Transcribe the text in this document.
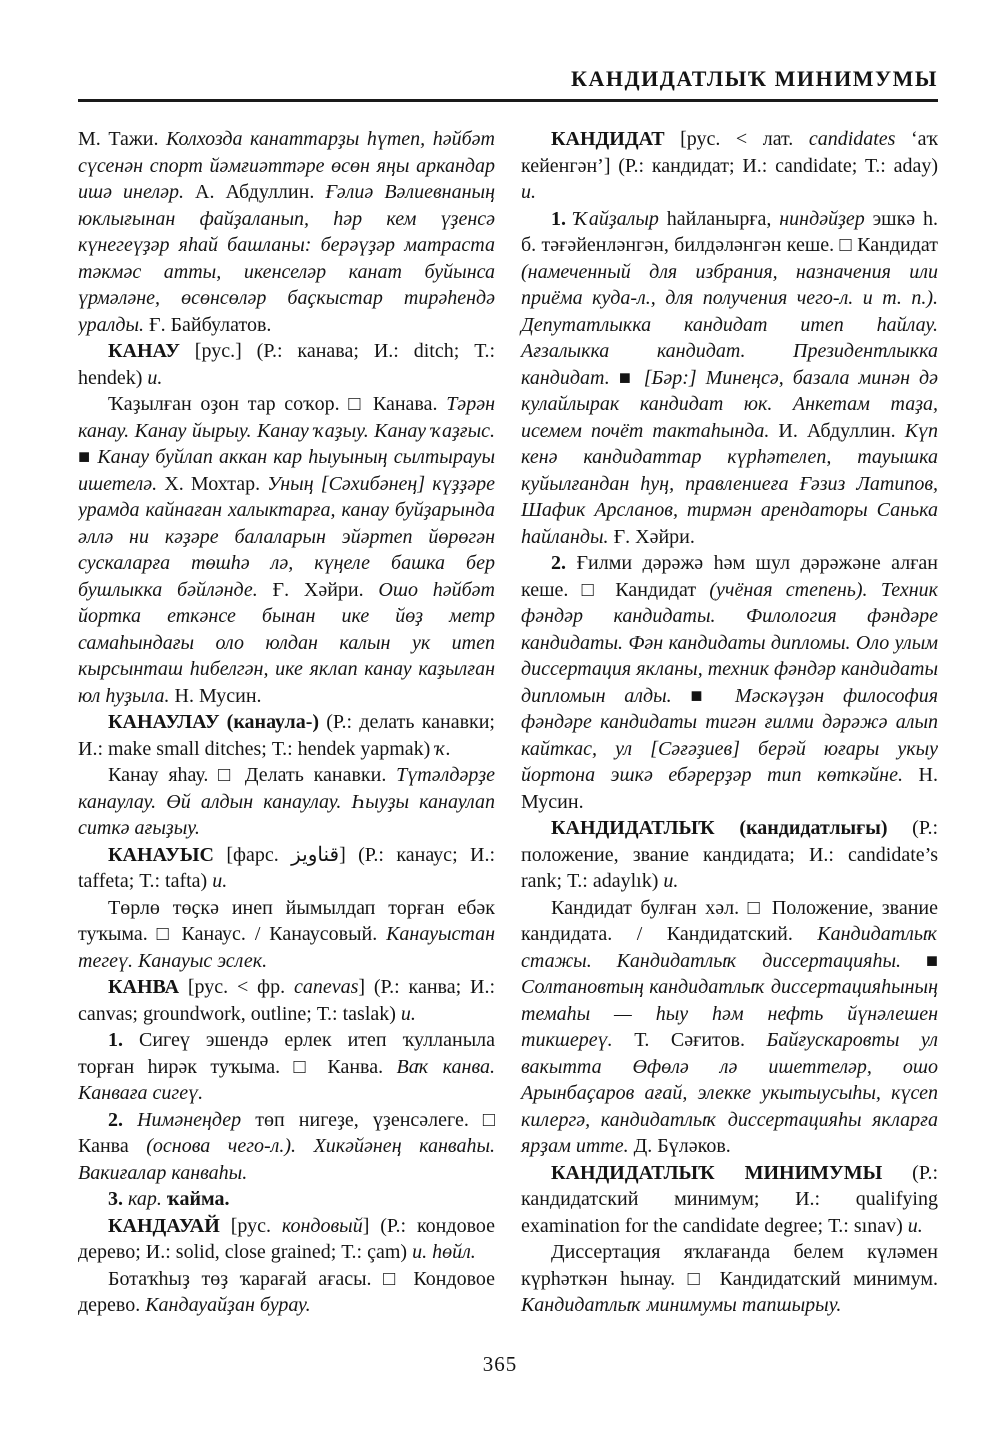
КАНДИДАТЛЫҠ МИНИМУМЫ

М. Тажи. Колхозда канаттарҙы һүтеп, һәйбәт сүсенән спорт йәмғиәттәре өсөн яңы аркандар ишә инеләр. А. Абдуллин. Ғәлиә Вәлиевнаның юклығынан файҙаланып, һәр кем үҙенсә күнегеүҙәр яһай башланы: берәүҙәр матраста тәкмәс атты, икенселәр канат буйынса үрмәләне, өсөнсөләр баҫкыстар тирәһендә уралды. Ғ. Байбулатов.

КАНАУ [рус.] (Р.: канава; И.: ditch; Т.: hendek) и.

Ҡаҙылған оҙон тар соҡор. □ Канава. Тәрән канау. Канау йырыу. Канау ҡаҙыу. Канау ҡаҙғыс. ■ Канау буйлап аккан кар һыуының сылтырауы ишетелә. Х. Мохтар. Уның [Сәхибәнең] күҙҙәре урамда кайнаған халыктарға, канау буйҙарында әллә ни кәҙәре балаларын эйәртеп йөрөгән сускаларға төшһә лә, күңеле башка бер бушлыкка бәйләнде. Ғ. Хәйри. Ошо һәйбәт йортка еткәнсе бынан ике йөҙ метр самаһындағы оло юлдан калын ук итеп кырсынташ һибелгән, ике яклап канау каҙылған юл һуҙыла. Н. Мусин.

КАНАУЛАУ (канаула-) (Р.: делать канавки; И.: make small ditches; Т.: hendek yapmak) ҡ.

Канау яһау. □ Делать канавки. Түтәлдәрҙе канаулау. Өй алдын канаулау. Һыуҙы канаулап ситкә ағыҙыу.

КАНАУЫС [фарс. قناويز] (Р.: канаус; И.: taffeta; Т.: tafta) и.

Төрлө төҫкә инеп йымылдап торған ебәк туҡыма. □ Канаус. / Канаусовый. Канауыстан тегеү. Канауыс эслек.

КАНВА [рус. < фр. canevas] (Р.: канва; И.: canvas; groundwork, outline; Т.: taslak) и.

1. Сигеү эшендә ерлек итеп ҡулланыла торған һирәк туҡыма. □ Канва. Ваҡ канва. Канваға сигеү.

2. Нимәнеңдер төп нигеҙе, үҙенсәлеге. □ Канва (основа чего-л.). Хикәйәнең канваһы. Вакиғалар канваһы.

3. кар. ҡайма.

КАНДАУАЙ [рус. кондовый] (Р.: кондовое дерево; И.: solid, close grained; Т.: çam) и. һөйл.

Ботаҡһыҙ төҙ ҡарағай ағасы. □ Кондовое дерево. Кандауайҙан бурау.

КАНДИДАТ [рус. < лат. candidates ‘аҡ кейенгән’] (Р.: кандидат; И.: candidate; Т.: aday) и.

1. Ҡайҙалыр һайланырға, ниндәйҙер эшкә һ. б. тәғәйенләнгән, билдәләнгән кеше. □ Кандидат (намеченный для избрания, назначения или приёма куда-л., для получения чего-л. и т. п.). Депутатлыкка кандидат итеп һайлау. Ағзалыкка кандидат. Президентлыкка кандидат. ■ [Бәр:] Минеңсә, базала минән дә кулайлырак кандидат юк. Анкетам таҙа, исемем почёт тактаһында. И. Абдуллин. Күп кенә кандидаттар күрһәтелеп, тауышка куйылғандан һуң, правлениеға Ғәзиз Латипов, Шафик Арсланов, тирмән арендаторы Санька һайланды. Ғ. Хәйри.

2. Ғилми дәрәжә һәм шул дәрәжәне алған кеше. □ Кандидат (учёная степень). Техник фәндәр кандидаты. Филология фәндәре кандидаты. Фән кандидаты дипломы. Оло улым диссертация якланы, техник фәндәр кандидаты дипломын алды. ■ Мәскәүҙән философия фәндәре кандидаты тигән ғилми дәрәжә алып кайткас, ул [Сәғәҙиев] берәй юғары укыу йортона эшкә ебәрерҙәр тип көткәйне. Н. Мусин.

КАНДИДАТЛЫҠ (кандидатлығы) (Р.: положение, звание кандидата; И.: candidate’s rank; Т.: adaylık) и.

Кандидат булған хәл. □ Положение, звание кандидата. / Кандидатский. Кандидатлыҡ стажы. Кандидатлыҡ диссертацияһы. ■ Солтановтың кандидатлыҡ диссертацияһының темаһы — һыу һәм нефть йүнәлешен тикшереү. Т. Сәғитов. Байғускаровты ул вакытта Өфөлә лә ишеттеләр, ошо Арынбаҫаров ағай, элекке укытыусыһы, күсеп килергә, кандидатлыҡ диссертацияһы якларға ярҙам итте. Д. Бүләков.

КАНДИДАТЛЫҠ МИНИМУМЫ (Р.: кандидатский минимум; И.: qualifying examination for the candidate degree; Т.: sınav) и.

Диссертация яҡлағанда белем күләмен күрһәткән һынау. □ Кандидатский минимум. Кандидатлыҡ минимумы тапшырыу.

365
